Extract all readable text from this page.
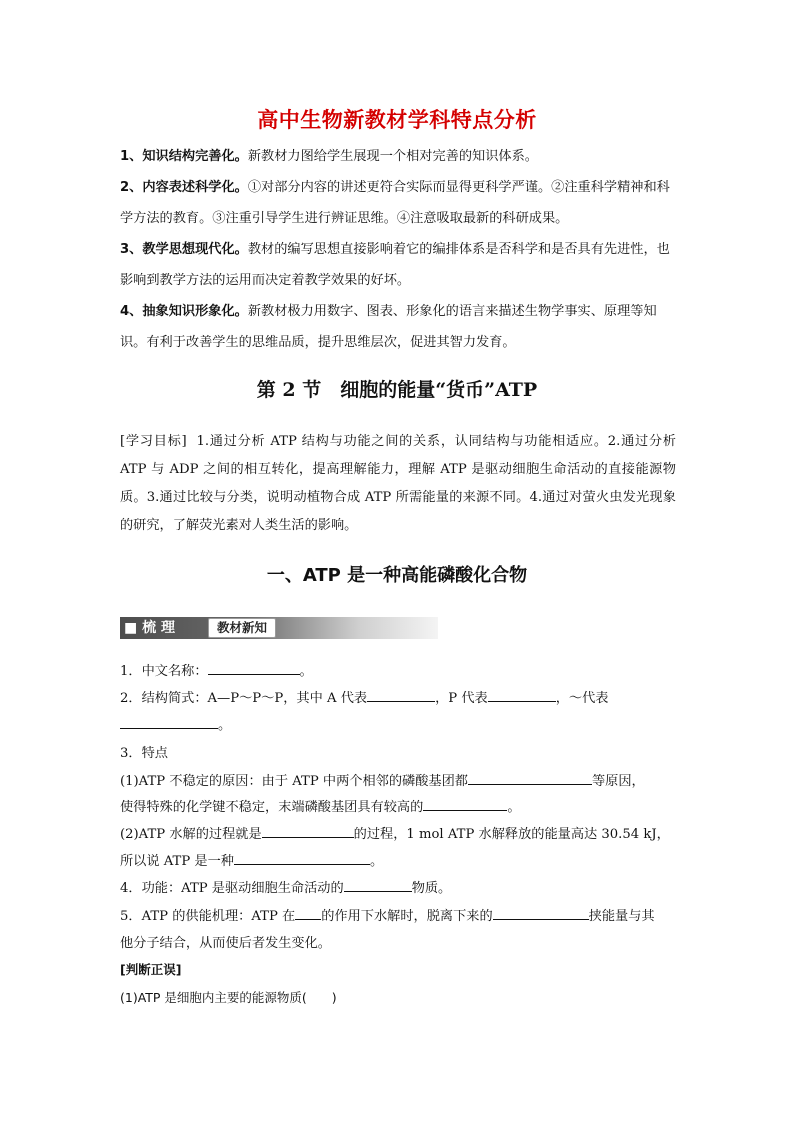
高中生物新教材学科特点分析
1、知识结构完善化。新教材力图给学生展现一个相对完善的知识体系。
2、内容表述科学化。①对部分内容的讲述更符合实际而显得更科学严谨。②注重科学精神和科学方法的教育。③注重引导学生进行辨证思维。④注意吸取最新的科研成果。
3、教学思想现代化。教材的编写思想直接影响着它的编排体系是否科学和是否具有先进性，也影响到教学方法的运用而决定着教学效果的好坏。
4、抽象知识形象化。新教材极力用数字、图表、形象化的语言来描述生物学事实、原理等知识。有利于改善学生的思维品质，提升思维层次，促进其智力发育。
第 2 节　细胞的能量“货币”ATP
[学习目标] 1.通过分析 ATP 结构与功能之间的关系，认同结构与功能相适应。2.通过分析 ATP 与 ADP 之间的相互转化，提高理解能力，理解 ATP 是驱动细胞生命活动的直接能源物质。3.通过比较与分类，说明动植物合成 ATP 所需能量的来源不同。4.通过对萤火虫发光现象的研究，了解荧光素对人类生活的影响。
一、ATP 是一种高能磷酸化合物
■ 梳 理	教材新知
1．中文名称：	。
2．结构简式：A—P～P～P，其中 A 代表	，P 代表	，～代表
。
3．特点
(1)ATP 不稳定的原因：由于 ATP 中两个相邻的磷酸基团都	等原因，
使得特殊的化学键不稳定，末端磷酸基团具有较高的	。
(2)ATP 水解的过程就是	的过程，1 mol ATP 水解释放的能量高达 30.54 kJ，
所以说 ATP 是一种	。
4．功能：ATP 是驱动细胞生命活动的	物质。
5．ATP 的供能机理：ATP 在 的作用下水解时，脱离下来的	挟能量与其
他分子结合，从而使后者发生变化。
[判断正误]
(1)ATP 是细胞内主要的能源物质(　　)
